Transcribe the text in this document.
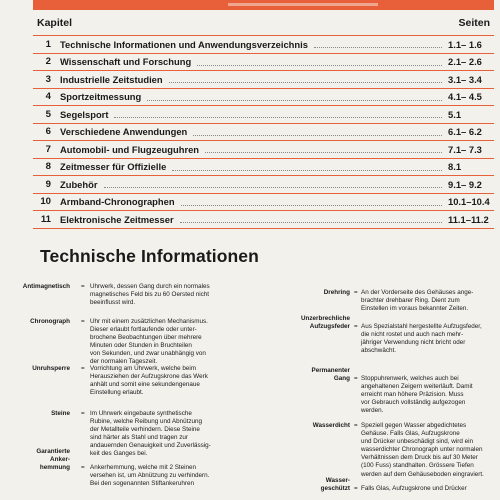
Kapitel	Seiten
1 Technische Informationen und Anwendungsverzeichnis	1.1– 1.6
2 Wissenschaft und Forschung	2.1– 2.6
3 Industrielle Zeitstudien	3.1– 3.4
4 Sportzeitmessung	4.1– 4.5
5 Segelsport	5.1
6 Verschiedene Anwendungen	6.1– 6.2
7 Automobil- und Flugzeuguhren	7.1– 7.3
8 Zeitmesser für Offizielle	8.1
9 Zubehör	9.1– 9.2
10 Armband-Chronographen	10.1–10.4
11 Elektronische Zeitmesser	11.1–11.2
Technische Informationen
Antimagnetisch = Uhrwerk, dessen Gang durch ein normales
magnetisches Feld bis zu 60 Oersted nicht
beeinflusst wird.
Chronograph = Uhr mit einem zusätzlichen Mechanismus.
Dieser erlaubt fortlaufende oder unter-
brochene Beobachtungen über mehrere
Minuten oder Stunden in Bruchteilen
von Sekunden, und zwar unabhängig von
der normalen Tageszeit.
Unruhsperre = Vorrichtung am Uhrwerk, welche beim
Herausziehen der Aufzugskrone das Werk
anhält und somit eine sekundengenaue
Einstellung erlaubt.
Steine = Im Uhrwerk eingebaute synthetische
Rubine, welche Reibung und Abnützung
der Metallteile verhindern. Diese Steine
sind härter als Stahl und tragen zur
andauernden Genauigkeit und Zuverlässig-
keit des Ganges bei.
Garantierte
Anker-
hemmung = Ankerhemmung, welche mit 2 Steinen
versehen ist, um Abnützung zu verhindern.
Bei den sogenannten Stiftankeruhren
Drehring = An der Vorderseite des Gehäuses ange-
brachter drehbarer Ring. Dient zum
Einstellen im voraus bekannter Zeiten.
Unzerbrechliche
Aufzugsfeder = Aus Spezialstahl hergestellte Aufzugsfeder,
die nicht rostet und auch nach mehr-
jähriger Verwendung nicht bricht oder
abschwächt.
Permanenter
Gang = Stoppuhrenwerk, welches auch bei
angehaltenen Zeigern weiterläuft. Damit
erreicht man höhere Präzision. Muss
vor Gebrauch vollständig aufgezogen
werden.
Wasserdicht = Speziell gegen Wasser abgedichtetes
Gehäuse. Falls Glas, Aufzugskrone
und Drücker unbeschädigt sind, wird ein
wasserdichter Chronograph unter normalen
Verhältnissen dem Druck bis auf 30 Meter
(100 Fuss) standhalten. Grössere Tiefen
werden auf dem Gehäuseboden eingraviert.
Wasser-
geschützt = Falls Glas, Aufzugskrone und Drücker
